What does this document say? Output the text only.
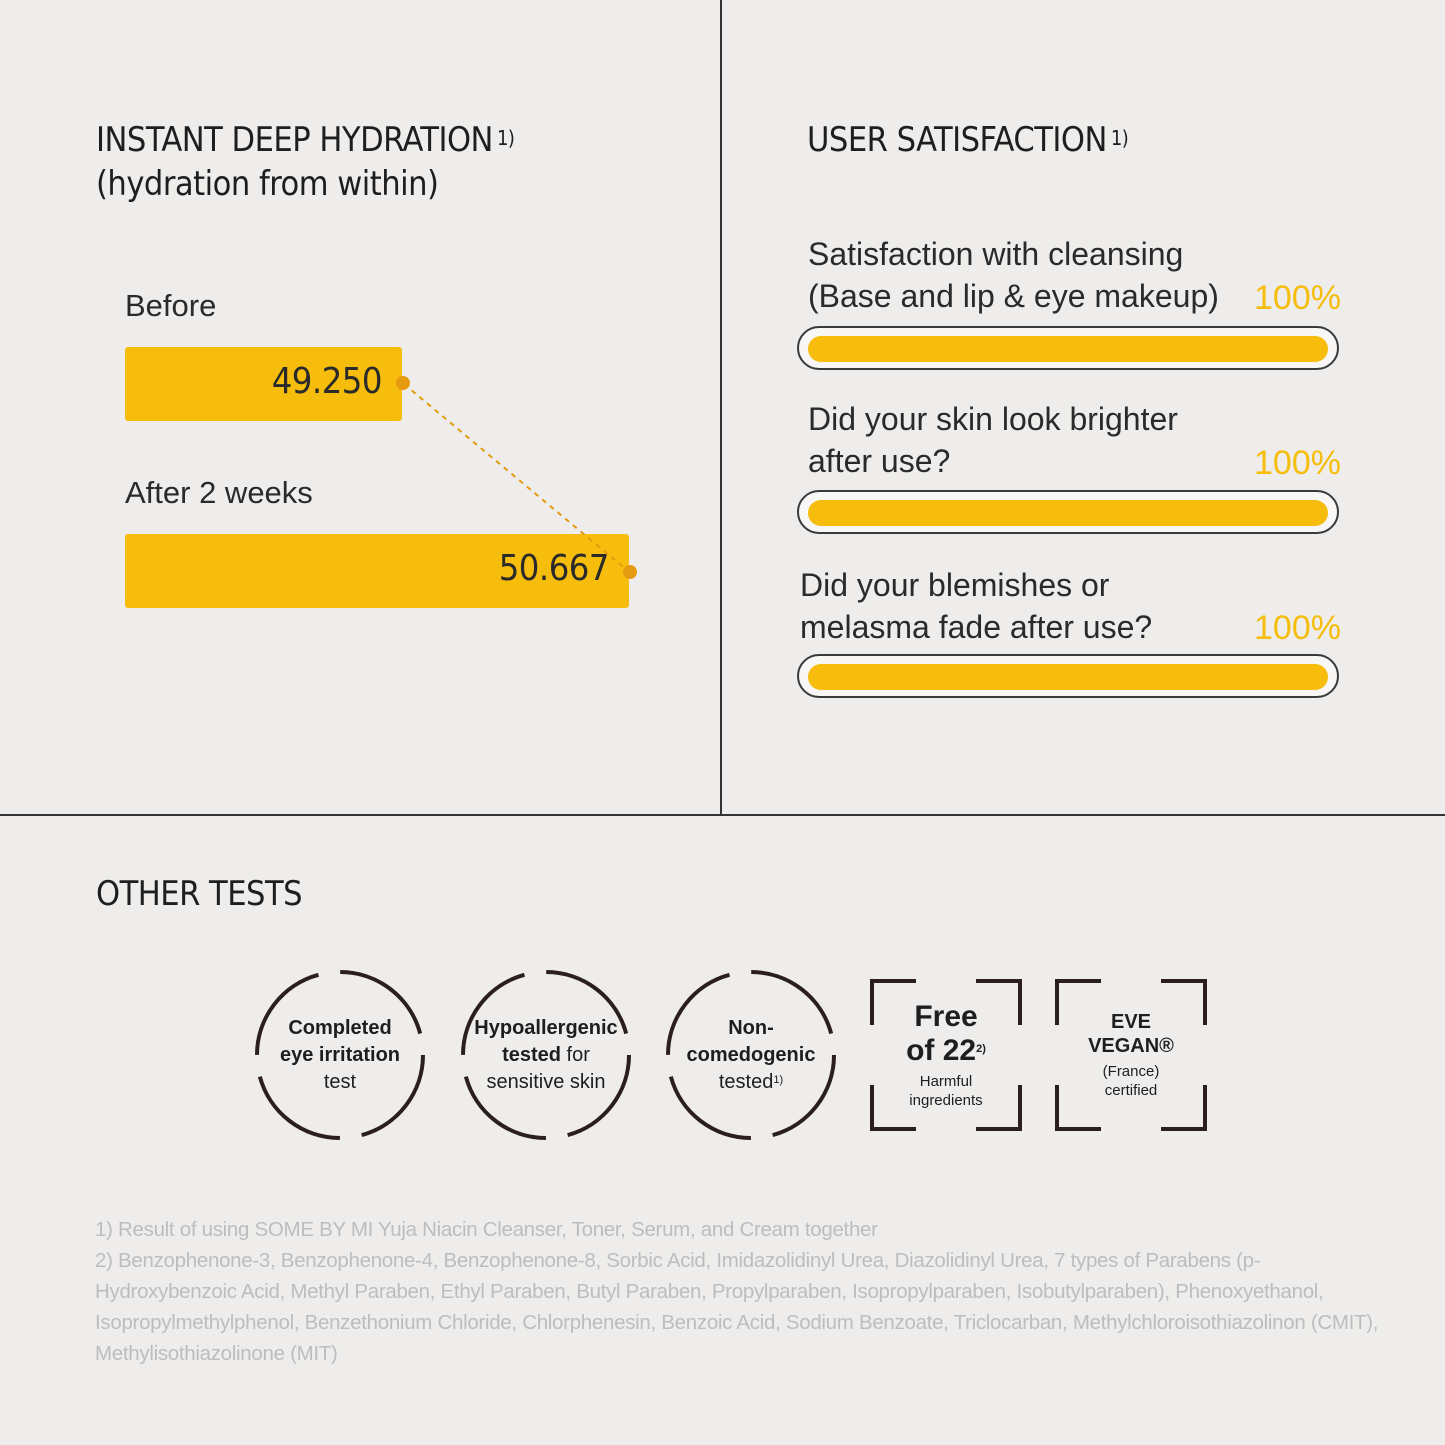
INSTANT DEEP HYDRATION $^{1)}$
(hydration from within)
Before
49.250
After 2 weeks
50.667
USER SATISFACTION $^{1)}$
Satisfaction with cleansing
(Base and lip & eye makeup) 100%
Did your skin look brighter
after use?	100%
Did your blemishes or
melasma fade after use?	100%
OTHER TESTS
Completed
eye irritation
test
Hypoallergenic
tested for
sensitive skin
Non-
comedogenic
tested$^{1)}$
Free
of 22$^{2)}$
Harmful
ingredients
EVE
VEGAN®
(France)
certified

1) Result of using SOME BY MI Yuja Niacin Cleanser, Toner, Serum, and Cream together

2) Benzophenone-3, Benzophenone-4, Benzophenone-8, Sorbic Acid, Imidazolidinyl Urea, Diazolidinyl Urea, 7 types of Parabens (p-Hydroxybenzoic Acid, Methyl Paraben, Ethyl Paraben, Butyl Paraben, Propylparaben, Isopropylparaben, Isobutylparaben), Phenoxyethanol, Isopropylmethylphenol, Benzethonium Chloride, Chlorphenesin, Benzoic Acid, Sodium Benzoate, Triclocarban, Methylchloroisothiazolinon (CMIT), Methylisothiazolinone (MIT)
